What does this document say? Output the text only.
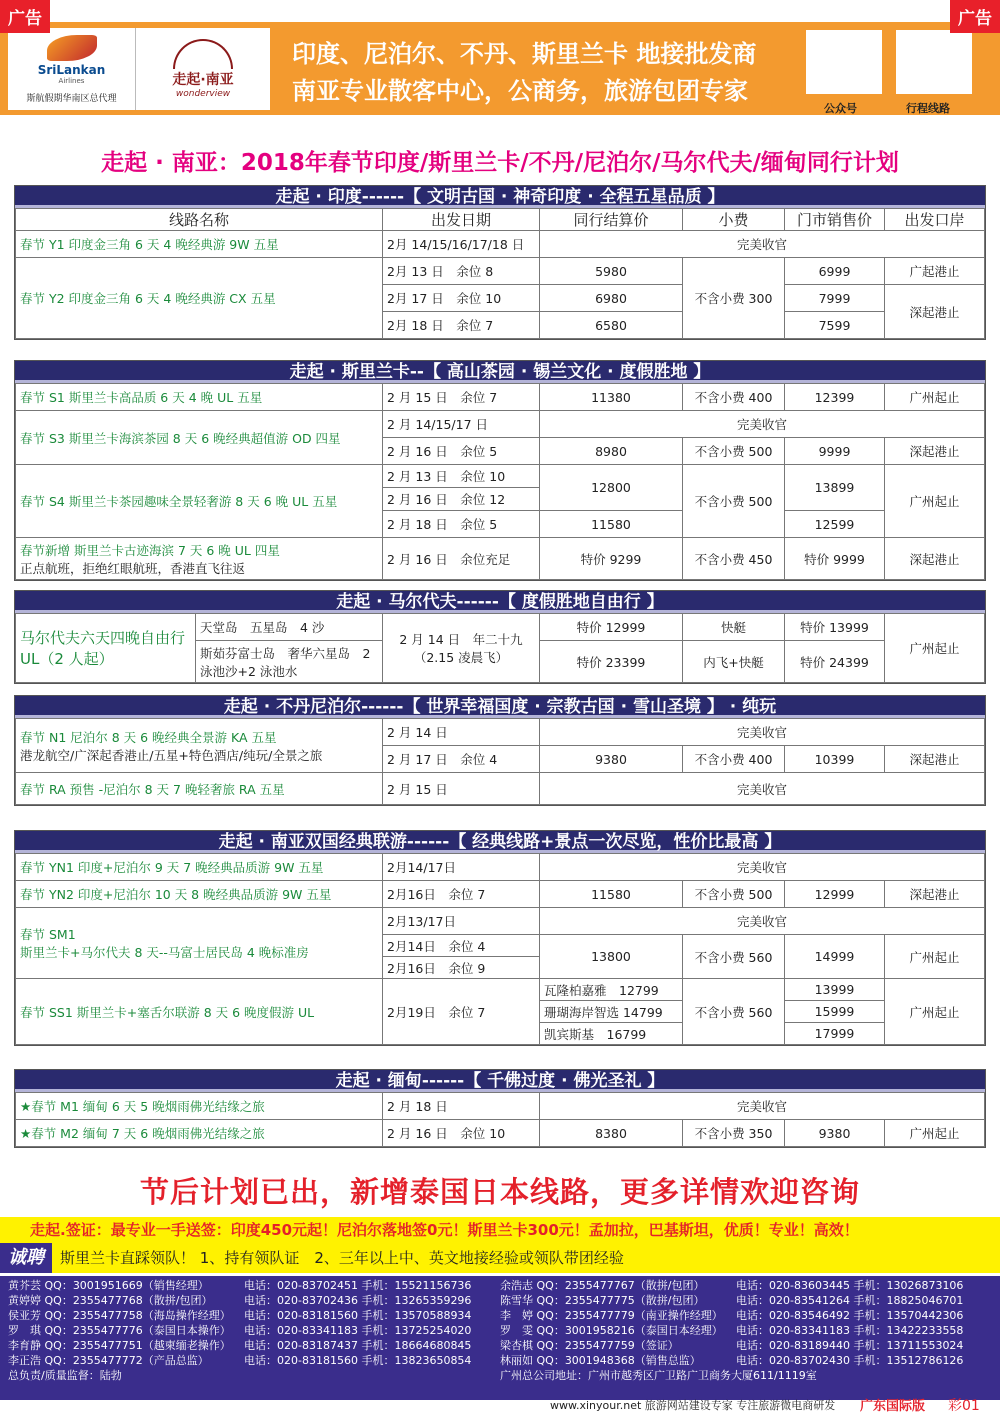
广告	广告
SriLankan
Airlines
斯航假期华南区总代理
走起·南亚
wonderview
印度、尼泊尔、不丹、斯里兰卡 地接批发商
南亚专业散客中心，公商务，旅游包团专家
公众号	行程线路
走起 · 南亚：2018年春节印度/斯里兰卡/不丹/尼泊尔/马尔代夫/缅甸同行计划
走起 · 印度------【 文明古国 · 神奇印度 · 全程五星品质 】
线路名称	出发日期	同行结算价	小费	门市销售价	出发口岸
春节 Y1 印度金三角 6 天 4 晚经典游 9W 五星	2月 14/15/16/17/18 日	完美收官			
春节 Y2 印度金三角 6 天 4 晚经典游 CX 五星	2月 13 日　余位 8	5980	不含小费 300	6999	广起港止
	2月 17 日　余位 10	6980		7999	深起港止
	2月 18 日　余位 7	6580		7599	
走起 · 斯里兰卡--【 高山茶园 · 锡兰文化 · 度假胜地 】
春节 S1 斯里兰卡高品质 6 天 4 晚 UL 五星	2 月 15 日　余位 7	11380	不含小费 400	12399	广州起止
春节 S3 斯里兰卡海滨茶园 8 天 6 晚经典超值游 OD 四星	2 月 14/15/17 日	完美收官			
	2 月 16 日　余位 5	8980	不含小费 500	9999	深起港止
春节 S4 斯里兰卡茶园趣味全景轻奢游 8 天 6 晚 UL 五星	2 月 13 日　余位 10	12800	不含小费 500	13899	广州起止
	2 月 16 日　余位 12				
	2 月 18 日　余位 5	11580		12599	

春节新增 斯里兰卡古迹海滨 7 天 6 晚 UL 四星
正点航班，拒绝红眼航班，香港直飞往返	2 月 16 日　余位充足	特价 9299	不含小费 450	特价 9999	深起港止
走起 · 马尔代夫------【 度假胜地自由行 】
马尔代夫六天四晚自由行 UL（2 人起）	天堂岛　五星岛　4 沙	2 月 14 日　年二十九 （2.15 凌晨飞）	特价 12999	快艇	特价 13999	广州起止
	斯茹芬富士岛　奢华六星岛　2 泳池沙+2 泳池水		特价 23399	内飞+快艇	特价 24399	
走起 · 不丹尼泊尔------【 世界幸福国度 · 宗教古国 · 雪山圣境 】 · 纯玩
春节 N1 尼泊尔 8 天 6 晚经典全景游 KA 五星
港龙航空/广深起香港止/五星+特色酒店/纯玩/全景之旅	2 月 14 日	完美收官			
	2 月 17 日　余位 4	9380	不含小费 400	10399	深起港止
春节 RA 预售 -尼泊尔 8 天 7 晚轻奢旅 RA 五星	2 月 15 日	完美收官			
走起 · 南亚双国经典联游------【 经典线路+景点一次尽览，性价比最高 】
春节 YN1 印度+尼泊尔 9 天 7 晚经典品质游 9W 五星	2月14/17日	完美收官			
春节 YN2 印度+尼泊尔 10 天 8 晚经典品质游 9W 五星	2月16日　余位 7	11580	不含小费 500	12999	深起港止

春节 SM1
斯里兰卡+马尔代夫 8 天--马富士居民岛 4 晚标准房	2月13/17日	完美收官			
	2月14日　余位 4	13800	不含小费 560	14999	广州起止
	2月16日　余位 9				
春节 SS1 斯里兰卡+塞舌尔联游 8 天 6 晚度假游 UL	2月19日　余位 7	瓦隆柏嘉雅　12799	不含小费 560	13999	广州起止
		珊瑚海岸智选 14799		15999	
		凯宾斯基　16799		17999	
走起 · 缅甸------【 千佛过度 · 佛光圣礼 】
★春节 M1 缅甸 6 天 5 晚烟雨佛光结缘之旅	2 月 18 日	完美收官			
★春节 M2 缅甸 7 天 6 晚烟雨佛光结缘之旅	2 月 16 日　余位 10	8380	不含小费 350	9380	广州起止
节后计划已出，新增泰国日本线路，更多详情欢迎咨询
走起.签证：最专业一手送签：印度450元起！尼泊尔落地签0元！斯里兰卡300元！孟加拉，巴基斯坦，优质！专业！高效！
诚聘 斯里兰卡直踩领队！ 1、持有领队证　2、三年以上中、英文地接经验或领队带团经验
黄芥芸 QQ：3001951669（销售经理）	电话：020-83702451 手机：15521156736	余浩志 QQ：2355477767（散拼/包团）	电话：020-83603445 手机：13026873106
黄婷婷 QQ：2355477768（散拼/包团）	电话：020-83702436 手机：13265359296	陈雪华 QQ：2355477775（散拼/包团）	电话：020-83541264 手机：18825046701
侯亚芳 QQ：2355477758（海岛操作经理）	电话：020-83181560 手机：13570588934	李　婷 QQ：2355477779（南亚操作经理）	电话：020-83546492 手机：13570442306
罗　琪 QQ：2355477776（泰国日本操作）	电话：020-83341183 手机：13725254020	罗　雯 QQ：3001958216（泰国日本经理）	电话：020-83341183 手机：13422233558
李育静 QQ：2355477751（越柬缅老操作）	电话：020-83187437 手机：18664680845	梁杏棋 QQ：2355477759（签证）	电话：020-83189440 手机：13711553024
李正浩 QQ：2355477772（产品总监）	电话：020-83181560 手机：13823650854	林丽如 QQ：3001948368（销售总监）	电话：020-83702430 手机：13512786126
总负责/质量监督：陆勃	广州总公司地址：广州市越秀区广卫路广卫商务大厦611/1119室
www.xinyour.net 旅游网站建设专家 专注旅游微电商研发 广东国际版 彩01
